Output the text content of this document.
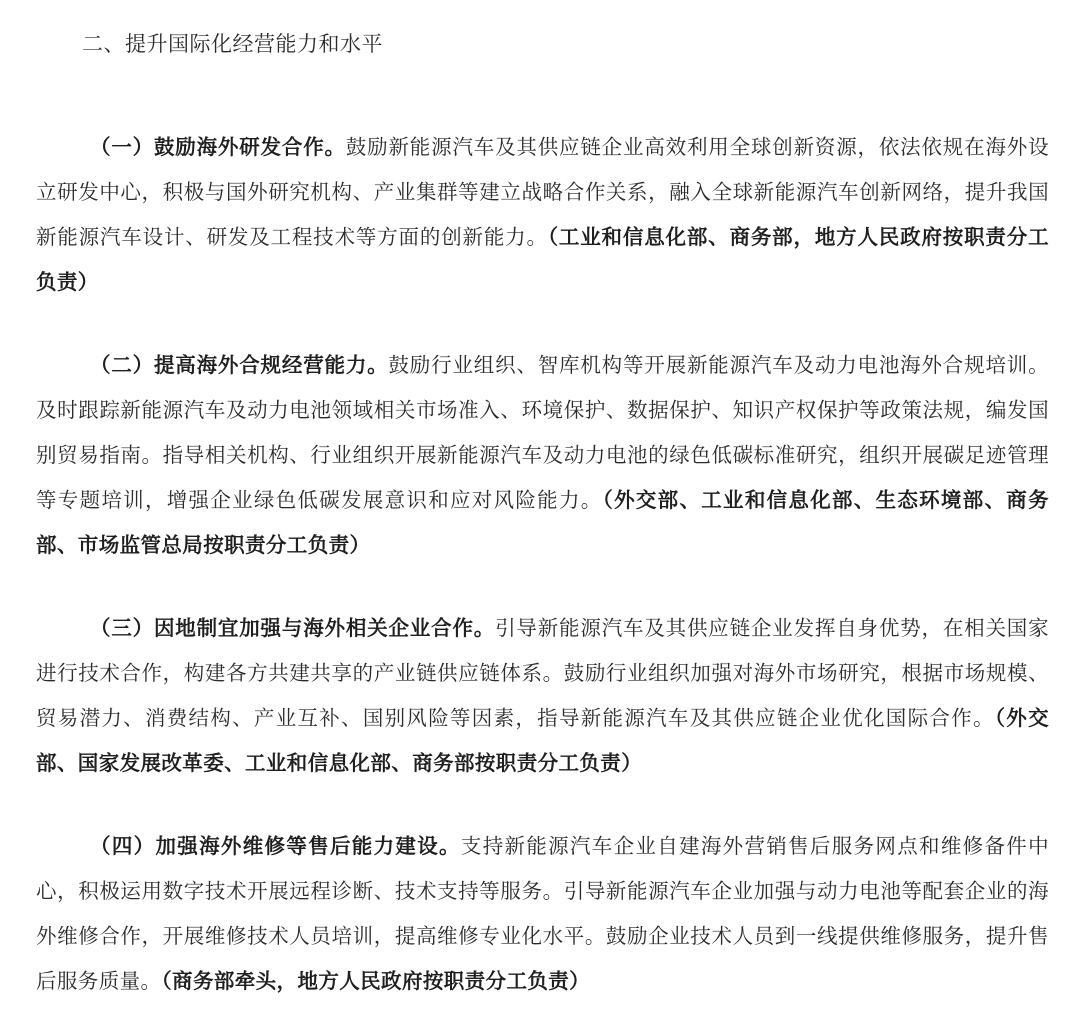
二、提升国际化经营能力和水平

（一）鼓励海外研发合作。鼓励新能源汽车及其供应链企业高效利用全球创新资源，依法依规在海外设立研发中心，积极与国外研究机构、产业集群等建立战略合作关系，融入全球新能源汽车创新网络，提升我国新能源汽车设计、研发及工程技术等方面的创新能力。（工业和信息化部、商务部，地方人民政府按职责分工负责）

（二）提高海外合规经营能力。鼓励行业组织、智库机构等开展新能源汽车及动力电池海外合规培训。及时跟踪新能源汽车及动力电池领域相关市场准入、环境保护、数据保护、知识产权保护等政策法规，编发国别贸易指南。指导相关机构、行业组织开展新能源汽车及动力电池的绿色低碳标准研究，组织开展碳足迹管理等专题培训，增强企业绿色低碳发展意识和应对风险能力。（外交部、工业和信息化部、生态环境部、商务部、市场监管总局按职责分工负责）

（三）因地制宜加强与海外相关企业合作。引导新能源汽车及其供应链企业发挥自身优势，在相关国家进行技术合作，构建各方共建共享的产业链供应链体系。鼓励行业组织加强对海外市场研究，根据市场规模、贸易潜力、消费结构、产业互补、国别风险等因素，指导新能源汽车及其供应链企业优化国际合作。（外交部、国家发展改革委、工业和信息化部、商务部按职责分工负责）

（四）加强海外维修等售后能力建设。支持新能源汽车企业自建海外营销售后服务网点和维修备件中心，积极运用数字技术开展远程诊断、技术支持等服务。引导新能源汽车企业加强与动力电池等配套企业的海外维修合作，开展维修技术人员培训，提高维修专业化水平。鼓励企业技术人员到一线提供维修服务，提升售后服务质量。（商务部牵头，地方人民政府按职责分工负责）
